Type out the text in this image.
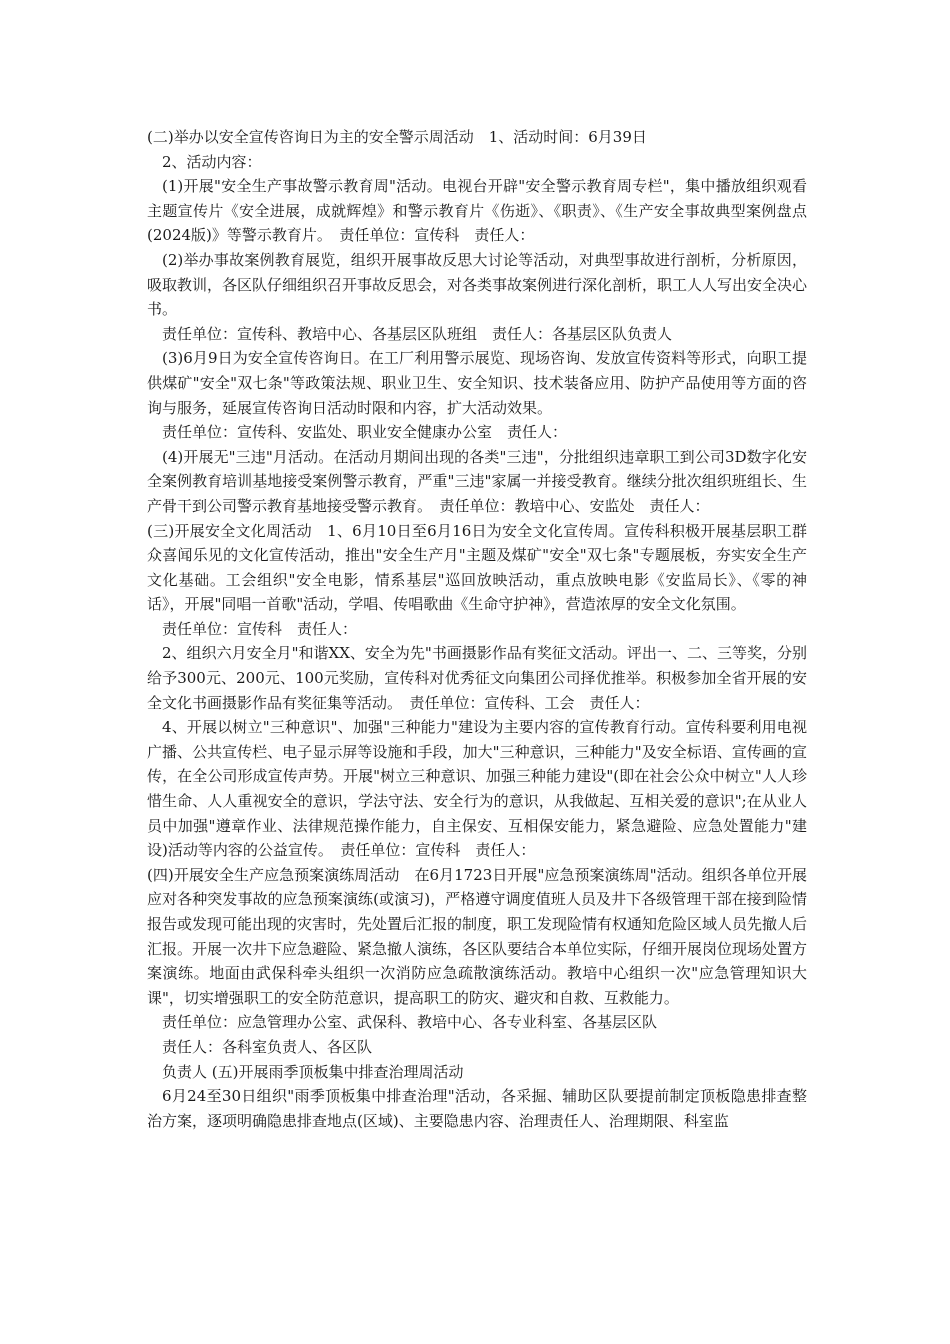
(二)举办以安全宣传咨询日为主的安全警示周活动　1、活动时间：6月39日

2、活动内容：

(1)开展"安全生产事故警示教育周"活动。电视台开辟"安全警示教育周专栏"，集中播放组织观看主题宣传片《安全进展，成就辉煌》和警示教育片《伤逝》、《职责》、《生产安全事故典型案例盘点(2024版)》等警示教育片。　责任单位：宣传科　责任人：

(2)举办事故案例教育展览，组织开展事故反思大讨论等活动，对典型事故进行剖析，分析原因，吸取教训，各区队仔细组织召开事故反思会，对各类事故案例进行深化剖析，职工人人写出安全决心书。

责任单位：宣传科、教培中心、各基层区队班组　责任人：各基层区队负责人

(3)6月9日为安全宣传咨询日。在工厂利用警示展览、现场咨询、发放宣传资料等形式，向职工提供煤矿"安全"双七条"等政策法规、职业卫生、安全知识、技术装备应用、防护产品使用等方面的咨询与服务，延展宣传咨询日活动时限和内容，扩大活动效果。

责任单位：宣传科、安监处、职业安全健康办公室　责任人：

(4)开展无"三违"月活动。在活动月期间出现的各类"三违"，分批组织违章职工到公司3D数字化安全案例教育培训基地接受案例警示教育，严重"三违"家属一并接受教育。继续分批次组织班组长、生产骨干到公司警示教育基地接受警示教育。　责任单位：教培中心、安监处　责任人：

(三)开展安全文化周活动　1、6月10日至6月16日为安全文化宣传周。宣传科积极开展基层职工群众喜闻乐见的文化宣传活动，推出"安全生产月"主题及煤矿"安全"双七条"专题展板，夯实安全生产文化基础。工会组织"安全电影，情系基层"巡回放映活动，重点放映电影《安监局长》、《零的神话》，开展"同唱一首歌"活动，学唱、传唱歌曲《生命守护神》，营造浓厚的安全文化氛围。

责任单位：宣传科　责任人：

2、组织六月安全月"和谐XX、安全为先"书画摄影作品有奖征文活动。评出一、二、三等奖，分别给予300元、200元、100元奖励，宣传科对优秀征文向集团公司择优推举。积极参加全省开展的安全文化书画摄影作品有奖征集等活动。　责任单位：宣传科、工会　责任人：

4、开展以树立"三种意识"、加强"三种能力"建设为主要内容的宣传教育行动。宣传科要利用电视广播、公共宣传栏、电子显示屏等设施和手段，加大"三种意识，三种能力"及安全标语、宣传画的宣传，在全公司形成宣传声势。开展"树立三种意识、加强三种能力建设"(即在社会公众中树立"人人珍惜生命、人人重视安全的意识，学法守法、安全行为的意识，从我做起、互相关爱的意识";在从业人员中加强"遵章作业、法律规范操作能力，自主保安、互相保安能力，紧急避险、应急处置能力"建设)活动等内容的公益宣传。　责任单位：宣传科　责任人：

(四)开展安全生产应急预案演练周活动　在6月1723日开展"应急预案演练周"活动。组织各单位开展应对各种突发事故的应急预案演练(或演习)，严格遵守调度值班人员及井下各级管理干部在接到险情报告或发现可能出现的灾害时，先处置后汇报的制度，职工发现险情有权通知危险区域人员先撤人后汇报。开展一次井下应急避险、紧急撤人演练，各区队要结合本单位实际，仔细开展岗位现场处置方案演练。地面由武保科牵头组织一次消防应急疏散演练活动。教培中心组织一次"应急管理知识大课"，切实增强职工的安全防范意识，提高职工的防灾、避灾和自救、互救能力。

责任单位：应急管理办公室、武保科、教培中心、各专业科室、各基层区队

责任人：各科室负责人、各区队

负责人 (五)开展雨季顶板集中排查治理周活动

6月24至30日组织"雨季顶板集中排查治理"活动，各采掘、辅助区队要提前制定顶板隐患排查整治方案，逐项明确隐患排查地点(区域)、主要隐患内容、治理责任人、治理期限、科室监
